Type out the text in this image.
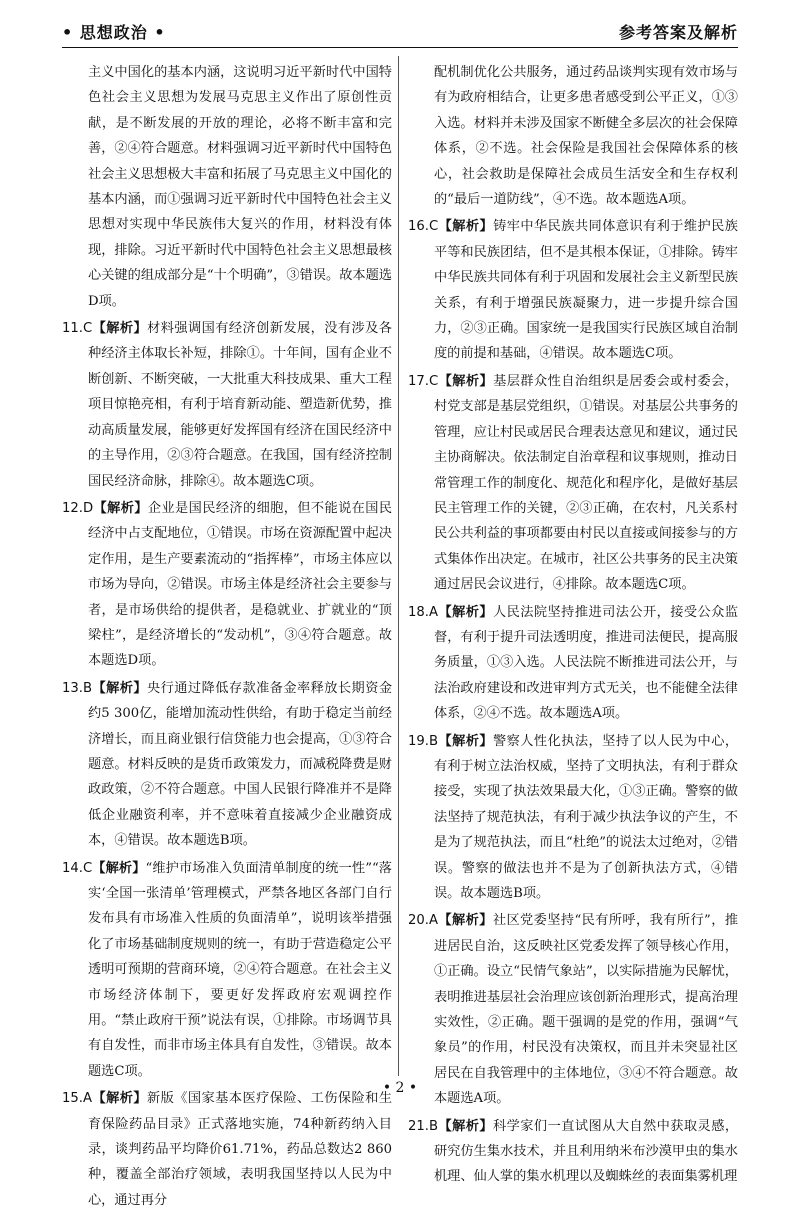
• 思想政治 •	参考答案及解析

主义中国化的基本内涵，这说明习近平新时代中国特色社会主义思想为发展马克思主义作出了原创性贡献，是不断发展的开放的理论，必将不断丰富和完善，②④符合题意。材料强调习近平新时代中国特色社会主义思想极大丰富和拓展了马克思主义中国化的基本内涵，而①强调习近平新时代中国特色社会主义思想对实现中华民族伟大复兴的作用，材料没有体现，排除。习近平新时代中国特色社会主义思想最核心关键的组成部分是“十个明确”，③错误。故本题选D项。

11.C【解析】材料强调国有经济创新发展，没有涉及各种经济主体取长补短，排除①。十年间，国有企业不断创新、不断突破，一大批重大科技成果、重大工程项目惊艳亮相，有利于培育新动能、塑造新优势，推动高质量发展，能够更好发挥国有经济在国民经济中的主导作用，②③符合题意。在我国，国有经济控制国民经济命脉，排除④。故本题选C项。

12.D【解析】企业是国民经济的细胞，但不能说在国民经济中占支配地位，①错误。市场在资源配置中起决定作用，是生产要素流动的“指挥棒”，市场主体应以市场为导向，②错误。市场主体是经济社会主要参与者，是市场供给的提供者，是稳就业、扩就业的“顶梁柱”，是经济增长的“发动机”，③④符合题意。故本题选D项。

13.B【解析】央行通过降低存款准备金率释放长期资金约5 300亿，能增加流动性供给，有助于稳定当前经济增长，而且商业银行信贷能力也会提高，①③符合题意。材料反映的是货币政策发力，而减税降费是财政政策，②不符合题意。中国人民银行降准并不是降低企业融资利率，并不意味着直接减少企业融资成本，④错误。故本题选B项。

14.C【解析】“维护市场准入负面清单制度的统一性”“落实‘全国一张清单’管理模式，严禁各地区各部门自行发布具有市场准入性质的负面清单”，说明该举措强化了市场基础制度规则的统一，有助于营造稳定公平透明可预期的营商环境，②④符合题意。在社会主义市场经济体制下，要更好发挥政府宏观调控作用。“禁止政府干预”说法有误，①排除。市场调节具有自发性，而非市场主体具有自发性，③错误。故本题选C项。

15.A【解析】新版《国家基本医疗保险、工伤保险和生育保险药品目录》正式落地实施，74种新药纳入目录，谈判药品平均降价61.71%，药品总数达2 860种，覆盖全部治疗领域，表明我国坚持以人民为中心，通过再分

配机制优化公共服务，通过药品谈判实现有效市场与有为政府相结合，让更多患者感受到公平正义，①③入选。材料并未涉及国家不断健全多层次的社会保障体系，②不选。社会保险是我国社会保障体系的核心，社会救助是保障社会成员生活安全和生存权利的“最后一道防线”，④不选。故本题选A项。

16.C【解析】铸牢中华民族共同体意识有利于维护民族平等和民族团结，但不是其根本保证，①排除。铸牢中华民族共同体有利于巩固和发展社会主义新型民族关系，有利于增强民族凝聚力，进一步提升综合国力，②③正确。国家统一是我国实行民族区域自治制度的前提和基础，④错误。故本题选C项。

17.C【解析】基层群众性自治组织是居委会或村委会，村党支部是基层党组织，①错误。对基层公共事务的管理，应让村民或居民合理表达意见和建议，通过民主协商解决。依法制定自治章程和议事规则，推动日常管理工作的制度化、规范化和程序化，是做好基层民主管理工作的关键，②③正确，在农村，凡关系村民公共利益的事项都要由村民以直接或间接参与的方式集体作出决定。在城市，社区公共事务的民主决策通过居民会议进行，④排除。故本题选C项。

18.A【解析】人民法院坚持推进司法公开，接受公众监督，有利于提升司法透明度，推进司法便民，提高服务质量，①③入选。人民法院不断推进司法公开，与法治政府建设和改进审判方式无关，也不能健全法律体系，②④不选。故本题选A项。

19.B【解析】警察人性化执法，坚持了以人民为中心，有利于树立法治权威，坚持了文明执法，有利于群众接受，实现了执法效果最大化，①③正确。警察的做法坚持了规范执法，有利于减少执法争议的产生，不是为了规范执法，而且“杜绝”的说法太过绝对，②错误。警察的做法也并不是为了创新执法方式，④错误。故本题选B项。

20.A【解析】社区党委坚持“民有所呼，我有所行”，推进居民自治，这反映社区党委发挥了领导核心作用，①正确。设立“民情气象站”，以实际措施为民解忧，表明推进基层社会治理应该创新治理形式，提高治理实效性，②正确。题干强调的是党的作用，强调“气象员”的作用，村民没有决策权，而且并未突显社区居民在自我管理中的主体地位，③④不符合题意。故本题选A项。

21.B【解析】科学家们一直试图从大自然中获取灵感，研究仿生集水技术，并且利用纳米布沙漠甲虫的集水机理、仙人掌的集水机理以及蜘蛛丝的表面集雾机理

• 2 •
